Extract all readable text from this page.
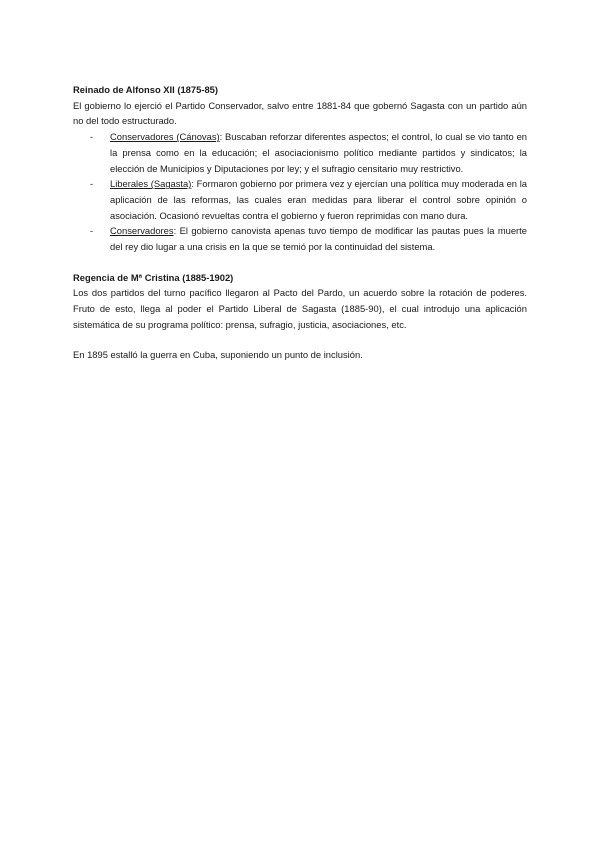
Reinado de Alfonso XII (1875-85)

El gobierno lo ejerció el Partido Conservador, salvo entre 1881-84 que gobernó Sagasta con un partido aún no del todo estructurado.

- Conservadores (Cánovas): Buscaban reforzar diferentes aspectos; el control, lo cual se vio tanto en la prensa como en la educación; el asociacionismo político mediante partidos y sindicatos; la elección de Municipios y Diputaciones por ley; y el sufragio censitario muy restrictivo.
- Liberales (Sagasta): Formaron gobierno por primera vez y ejercían una política muy moderada en la aplicación de las reformas, las cuales eran medidas para liberar el control sobre opinión o asociación. Ocasionó revueltas contra el gobierno y fueron reprimidas con mano dura.
- Conservadores: El gobierno canovista apenas tuvo tiempo de modificar las pautas pues la muerte del rey dio lugar a una crisis en la que se temió por la continuidad del sistema.

Regencia de Mª Cristina (1885-1902)

Los dos partidos del turno pacífico llegaron al Pacto del Pardo, un acuerdo sobre la rotación de poderes. Fruto de esto, llega al poder el Partido Liberal de Sagasta (1885-90), el cual introdujo una aplicación sistemática de su programa político: prensa, sufragio, justicia, asociaciones, etc.

En 1895 estalló la guerra en Cuba, suponiendo un punto de inclusión.
